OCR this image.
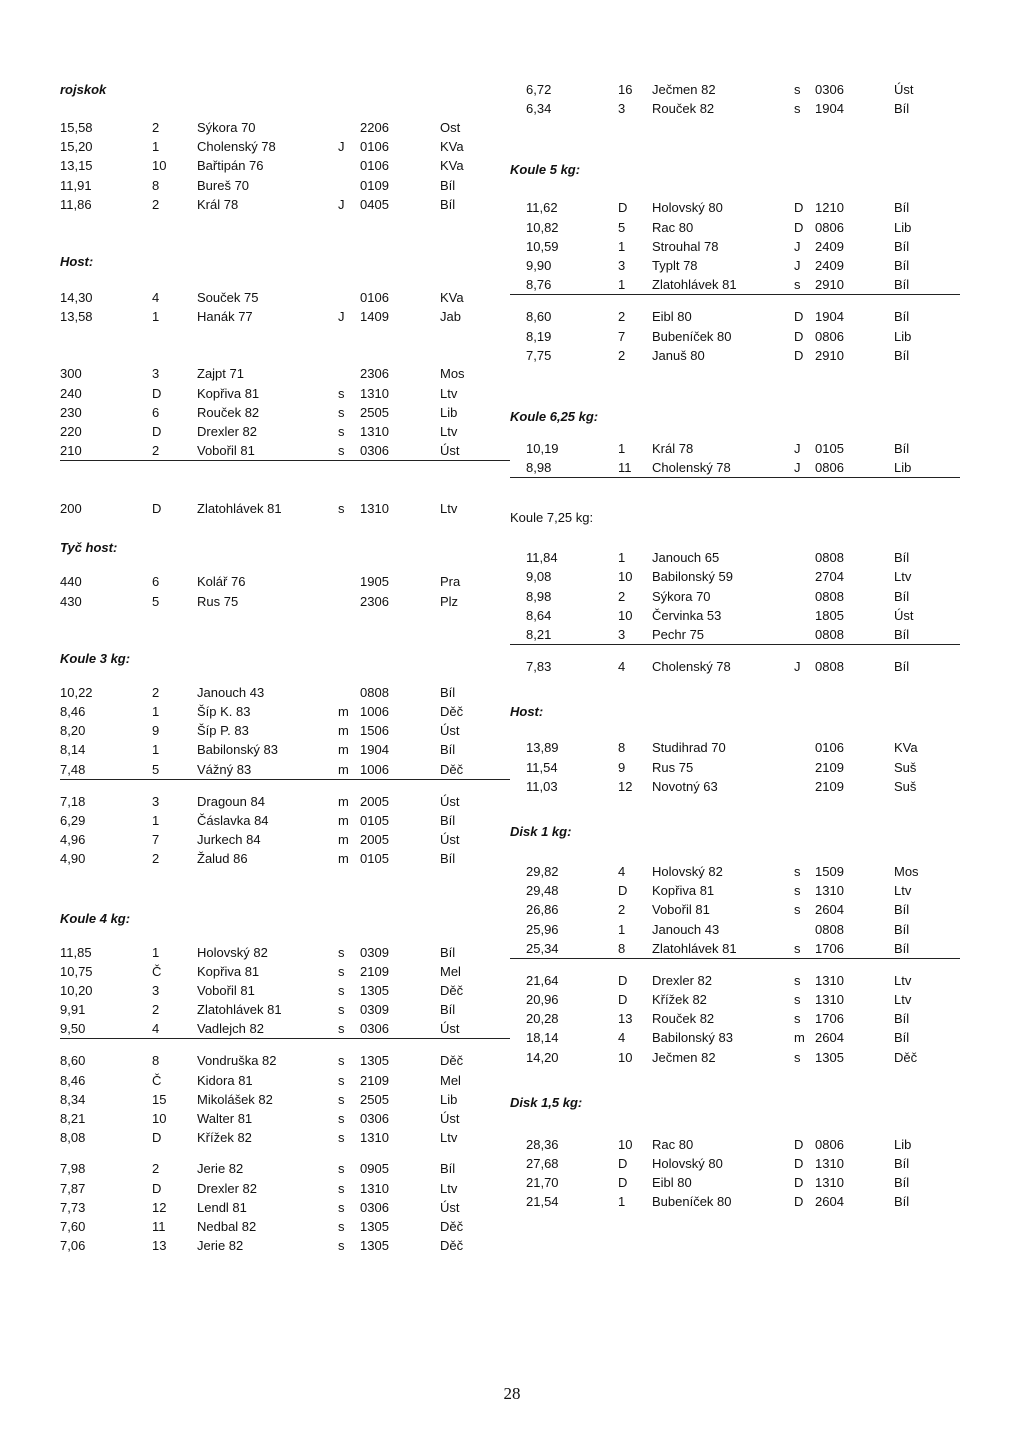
rojskok
15,58	2	Sýkora 70	2206	Ost
15,20	1	Cholenský 78	J 0106	KVa
13,15	10 Bařtipán 76	0106	KVa
11,91	8	Bureš 70	0109	Bíl
11,86	2	Král 78	J 0405	Bíl
Host:
14,30	4	Souček 75	0106	KVa
13,58	1	Hanák 77	J 1409	Jab
300	3	Zajpt 71	2306	Mos
240	D	Kopřiva 81	s 1310	Ltv
230	6	Rouček 82	s 2505	Lib
220	D	Drexler 82	s 1310	Ltv
210	2	Vobořil 81	s 0306	Úst
200	D	Zlatohlávek 81	s 1310	Ltv
Tyč host:
440	6	Kolář 76	1905	Pra
430	5	Rus 75	2306	Plz
Koule 3 kg:
10,22	2	Janouch 43	0808	Bíl
8,46	1	Šíp K. 83	m 1006	Děč
8,20	9	Šíp P. 83	m 1506	Úst
8,14	1	Babilonský 83	m 1904	Bíl
7,48	5	Vážný 83	m 1006	Děč
7,18	3	Dragoun 84	m 2005	Úst
6,29	1	Čáslavka 84	m 0105	Bíl
4,96	7	Jurkech 84	m 2005	Úst
4,90	2	Žalud 86	m 0105	Bíl
Koule 4 kg:
11,85	1	Holovský 82	s 0309	Bíl
10,75	Č	Kopřiva 81	s 2109	Mel
10,20	3	Vobořil 81	s 1305	Děč
9,91	2	Zlatohlávek 81	s 0309	Bíl
9,50	4	Vadlejch 82	s 0306	Úst
8,60	8	Vondruška 82	s 1305	Děč
8,46	Č	Kidora 81	s 2109	Mel
8,34	15 Mikolášek 82	s 2505	Lib
8,21	10 Walter 81	s 0306	Úst
8,08	D	Křížek 82	s 1310	Ltv
7,98	2	Jerie 82	s 0905	Bíl
7,87	D	Drexler 82	s 1310	Ltv
7,73	12 Lendl 81	s 0306	Úst
7,60	11 Nedbal 82	s 1305	Děč
7,06	13 Jerie 82	s 1305	Děč
6,72	16 Ječmen 82	s 0306	Úst
6,34	3 Rouček 82	s 1904	Bíl
Koule 5 kg:
11,62	D Holovský 80	D 1210	Bíl
10,82	5 Rac 80	D 0806	Lib
10,59	1 Strouhal 78	J 2409	Bíl
9,90	3 Typlt 78	J 2409	Bíl
8,76	1 Zlatohlávek 81	s 2910	Bíl
8,60	2 Eibl 80	D 1904	Bíl
8,19	7 Bubeníček 80	D 0806	Lib
7,75	2 Januš 80	D 2910	Bíl
Koule 6,25 kg:
10,19	1 Král 78	J 0105	Bíl
8,98	11 Cholenský 78	J 0806	Lib
Koule 7,25 kg:
11,84	1 Janouch 65	0808	Bíl
9,08	10 Babilonský 59	2704	Ltv
8,98	2 Sýkora 70	0808	Bíl
8,64	10 Červinka 53	1805	Úst
8,21	3 Pechr 75	0808	Bíl
7,83	4 Cholenský 78	J 0808	Bíl
Host:
13,89	8 Studihrad 70	0106	KVa
11,54	9 Rus 75	2109	Suš
11,03	12 Novotný 63	2109	Suš
Disk 1 kg:
29,82	4 Holovský 82	s 1509	Mos
29,48	D Kopřiva 81	s 1310	Ltv
26,86	2 Vobořil 81	s 2604	Bíl
25,96	1 Janouch 43	0808	Bíl
25,34	8 Zlatohlávek 81	s 1706	Bíl
21,64	D Drexler 82	s 1310	Ltv
20,96	D Křížek 82	s 1310	Ltv
20,28	13 Rouček 82	s 1706	Bíl
18,14	4 Babilonský 83	m 2604	Bíl
14,20	10 Ječmen 82	s 1305	Děč
Disk 1,5 kg:
28,36	10 Rac 80	D 0806	Lib
27,68	D Holovský 80	D 1310	Bíl
21,70	D Eibl 80	D 1310	Bíl
21,54	1 Bubeníček 80	D 2604	Bíl
28
